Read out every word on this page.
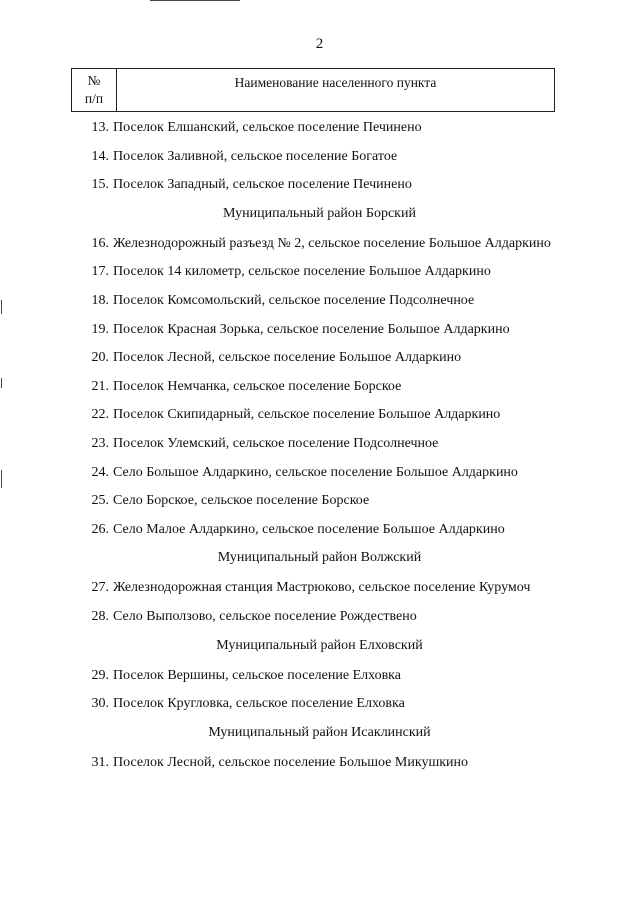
2
№
п/п
Наименование населенного пункта
13. Поселок Елшанский, сельское поселение Печинено
14. Поселок Заливной, сельское поселение Богатое
15. Поселок Западный, сельское поселение Печинено
Муниципальный район Борский
16. Железнодорожный разъезд № 2, сельское поселение Большое Алдаркино
17. Поселок 14 километр, сельское поселение Большое Алдаркино
18. Поселок Комсомольский, сельское поселение Подсолнечное
19. Поселок Красная Зорька, сельское поселение Большое Алдаркино
20. Поселок Лесной, сельское поселение Большое Алдаркино
21. Поселок Немчанка, сельское поселение Борское
22. Поселок Скипидарный, сельское поселение Большое Алдаркино
23. Поселок Улемский, сельское поселение Подсолнечное
24. Село Большое Алдаркино, сельское поселение Большое Алдаркино
25. Село Борское, сельское поселение Борское
26. Село Малое Алдаркино, сельское поселение Большое Алдаркино
Муниципальный район Волжский
27. Железнодорожная станция Мастрюково, сельское поселение Курумоч
28. Село Выползово, сельское поселение Рождествено
Муниципальный район Елховский
29. Поселок Вершины, сельское поселение Елховка
30. Поселок Кругловка, сельское поселение Елховка
Муниципальный район Исаклинский
31. Поселок Лесной, сельское поселение Большое Микушкино
